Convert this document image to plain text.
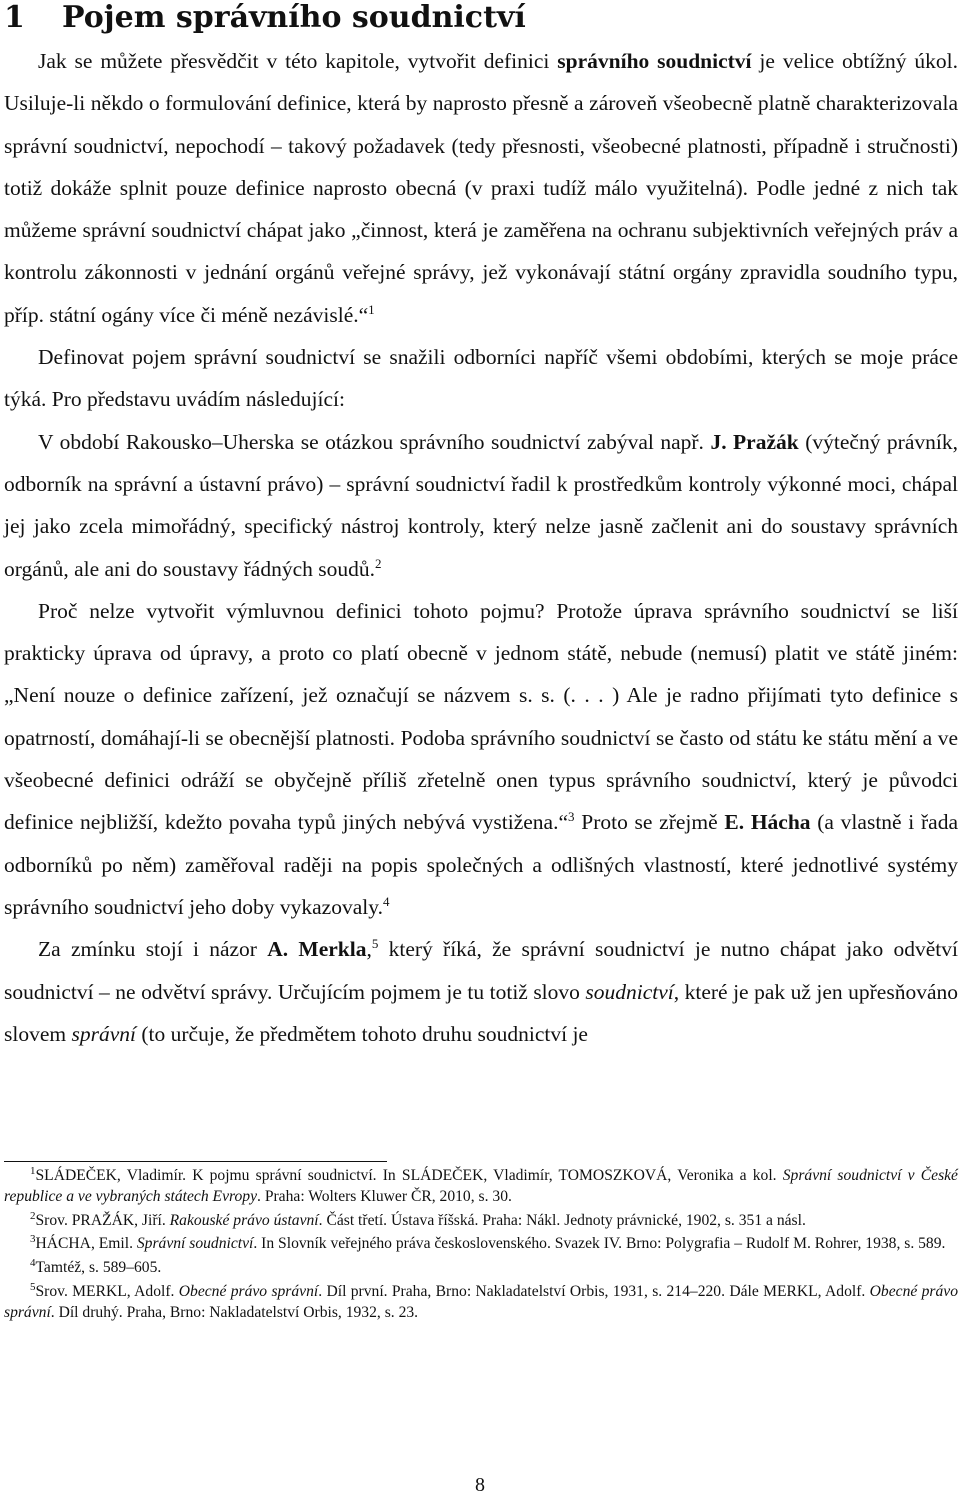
1 Pojem správního soudnictví

Jak se můžete přesvědčit v této kapitole, vytvořit definici správního soudnictví je velice obtížný úkol. Usiluje-li někdo o formulování definice, která by naprosto přesně a zároveň všeobecně platně charakterizovala správní soudnictví, nepochodí – takový požadavek (tedy přesnosti, všeobecné platnosti, případně i stručnosti) totiž dokáže splnit pouze definice naprosto obecná (v praxi tudíž málo využitelná). Podle jedné z nich tak můžeme správní soudnictví chápat jako „činnost, která je zaměřena na ochranu subjektivních veřejných práv a kontrolu zákonnosti v jednání orgánů veřejné správy, jež vykonávají státní orgány zpravidla soudního typu, příp. státní ogány více či méně nezávislé.“$^1$

Definovat pojem správní soudnictví se snažili odborníci napříč všemi obdobími, kterých se moje práce týká. Pro představu uvádím následující:

V období Rakousko–Uherska se otázkou správního soudnictví zabýval např. J. Pražák (výtečný právník, odborník na správní a ústavní právo) – správní soudnictví řadil k prostředkům kontroly výkonné moci, chápal jej jako zcela mimořádný, specifický nástroj kontroly, který nelze jasně začlenit ani do soustavy správních orgánů, ale ani do soustavy řádných soudů.$^2$

Proč nelze vytvořit výmluvnou definici tohoto pojmu? Protože úprava správního soudnictví se liší prakticky úprava od úpravy, a proto co platí obecně v jednom státě, nebude (nemusí) platit ve státě jiném: „Není nouze o definice zařízení, jež označují se názvem s. s. (. . . ) Ale je radno přijímati tyto definice s opatrností, domáhají-li se obecnější platnosti. Podoba správního soudnictví se často od státu ke státu mění a ve všeobecné definici odráží se obyčejně příliš zřetelně onen typus správního soudnictví, který je původci definice nejbližší, kdežto povaha typů jiných nebývá vystižena.“$^3$ Proto se zřejmě E. Hácha (a vlastně i řada odborníků po něm) zaměřoval raději na popis společných a odlišných vlastností, které jednotlivé systémy správního soudnictví jeho doby vykazovaly.$^4$

Za zmínku stojí i názor A. Merkla,$^5$ který říká, že správní soudnictví je nutno chápat jako odvětví soudnictví – ne odvětví správy. Určujícím pojmem je tu totiž slovo soudnictví, které je pak už jen upřesňováno slovem správní (to určuje, že předmětem tohoto druhu soudnictví je

$^1$SLÁDEČEK, Vladimír. K pojmu správní soudnictví. In SLÁDEČEK, Vladimír, TOMOSZKOVÁ, Veronika a kol. Správní soudnictví v České republice a ve vybraných státech Evropy. Praha: Wolters Kluwer ČR, 2010, s. 30.

$^2$Srov. PRAŽÁK, Jiří. Rakouské právo ústavní. Část třetí. Ústava říšská. Praha: Nákl. Jednoty právnické, 1902, s. 351 a násl.

$^3$HÁCHA, Emil. Správní soudnictví. In Slovník veřejného práva československého. Svazek IV. Brno: Polygrafia – Rudolf M. Rohrer, 1938, s. 589.

$^4$Tamtéž, s. 589–605.

$^5$Srov. MERKL, Adolf. Obecné právo správní. Díl první. Praha, Brno: Nakladatelství Orbis, 1931, s. 214–220. Dále MERKL, Adolf. Obecné právo správní. Díl druhý. Praha, Brno: Nakladatelství Orbis, 1932, s. 23.

8
